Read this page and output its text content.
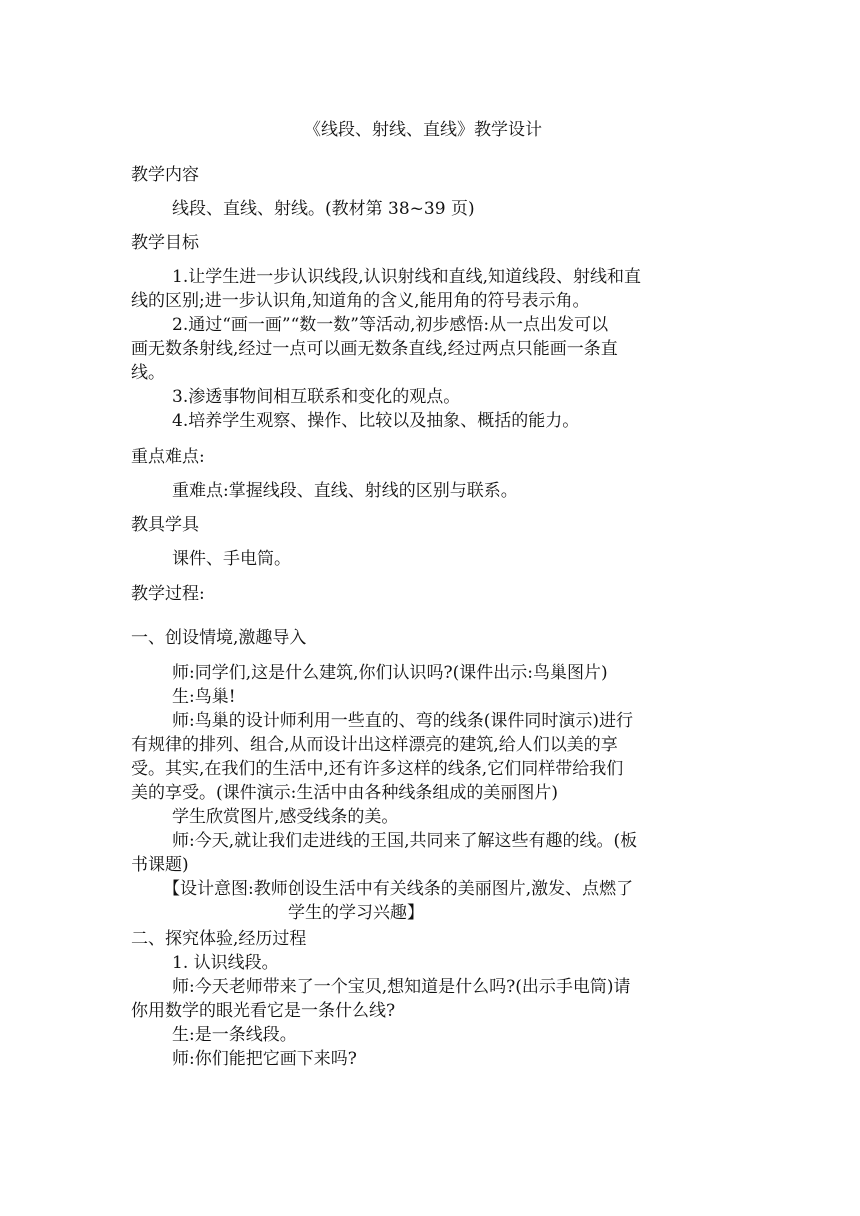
《线段、射线、直线》教学设计
教学内容
线段、直线、射线。(教材第 38~39 页)
教学目标
1.让学生进一步认识线段,认识射线和直线,知道线段、射线和直
线的区别;进一步认识角,知道角的含义,能用角的符号表示角。
2.通过“画一画”“数一数”等活动,初步感悟:从一点出发可以
画无数条射线,经过一点可以画无数条直线,经过两点只能画一条直
线。
3.渗透事物间相互联系和变化的观点。
4.培养学生观察、操作、比较以及抽象、概括的能力。
重点难点:
重难点:掌握线段、直线、射线的区别与联系。
教具学具
课件、手电筒。
教学过程:
一、创设情境,激趣导入
师:同学们,这是什么建筑,你们认识吗?(课件出示:鸟巢图片)
生:鸟巢!
师:鸟巢的设计师利用一些直的、弯的线条(课件同时演示)进行
有规律的排列、组合,从而设计出这样漂亮的建筑,给人们以美的享
受。其实,在我们的生活中,还有许多这样的线条,它们同样带给我们
美的享受。(课件演示:生活中由各种线条组成的美丽图片)
学生欣赏图片,感受线条的美。
师:今天,就让我们走进线的王国,共同来了解这些有趣的线。(板
书课题)
【设计意图:教师创设生活中有关线条的美丽图片,激发、点燃了
学生的学习兴趣】
二、探究体验,经历过程
1. 认识线段。
师:今天老师带来了一个宝贝,想知道是什么吗?(出示手电筒)请
你用数学的眼光看它是一条什么线?
生:是一条线段。
师:你们能把它画下来吗?
